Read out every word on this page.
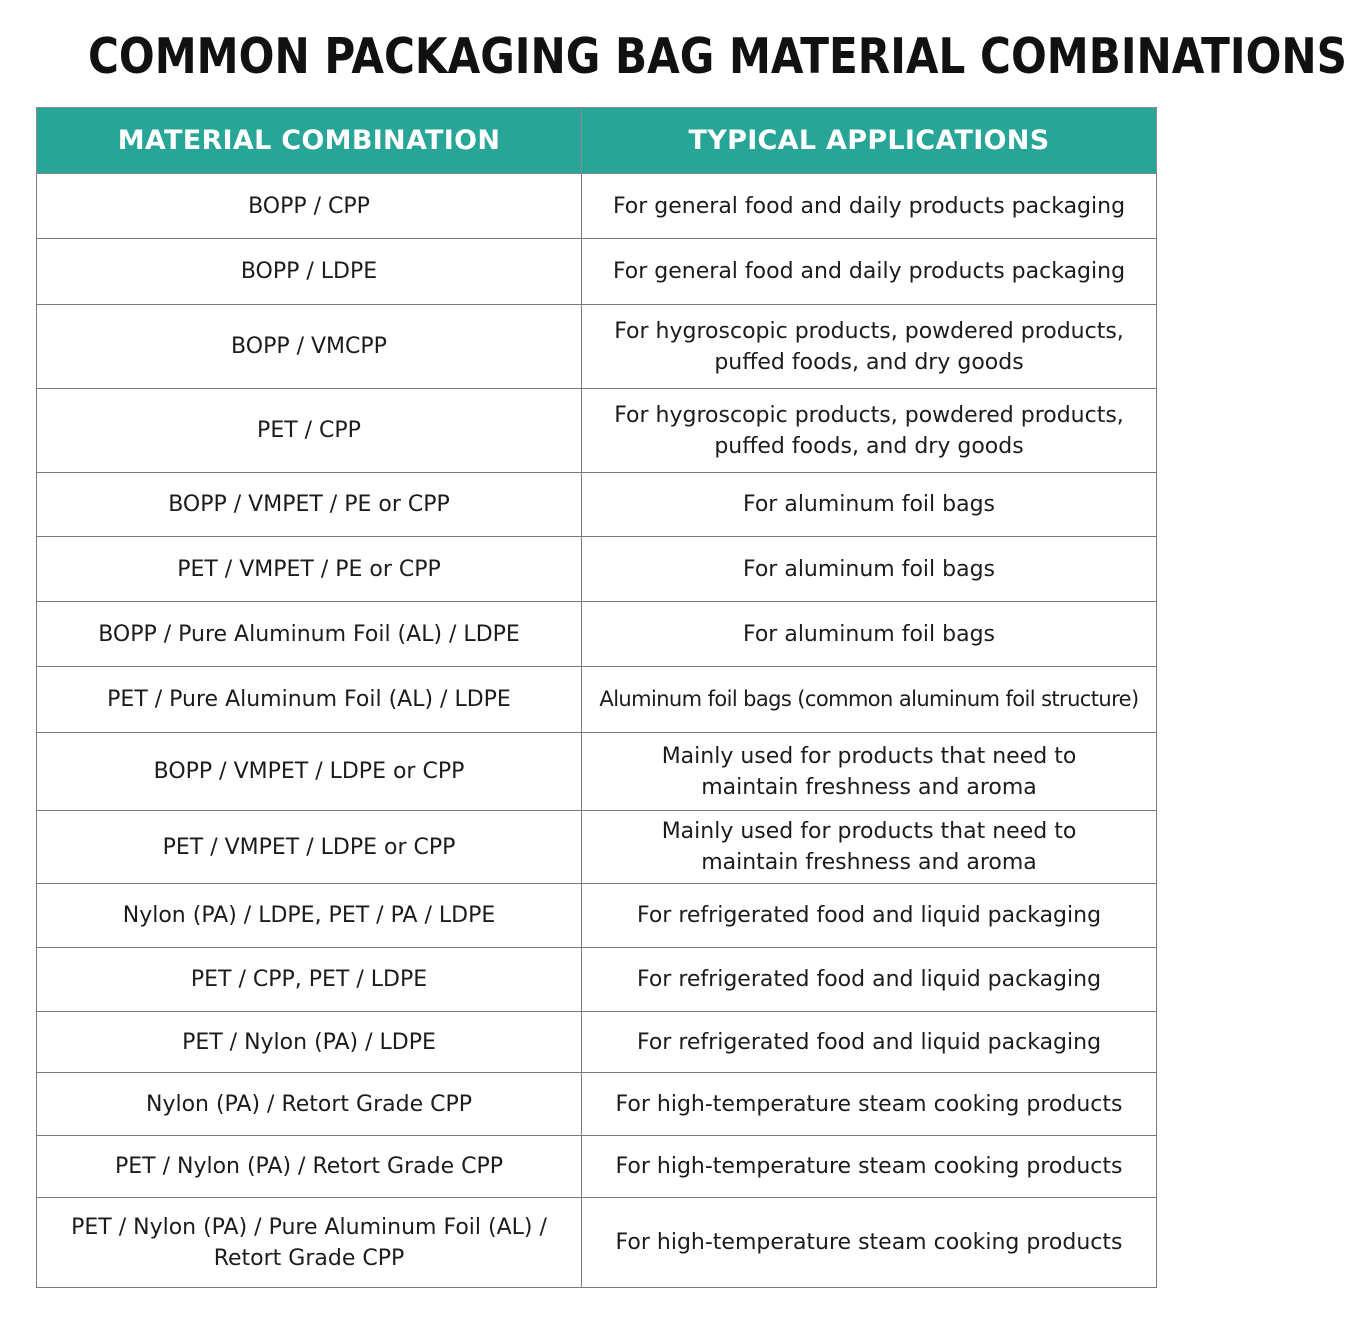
COMMON PACKAGING BAG MATERIAL COMBINATIONS
MATERIAL COMBINATION	TYPICAL APPLICATIONS

BOPP / CPP	For general food and daily products packaging

BOPP / LDPE	For general food and daily products packaging

BOPP / VMCPP	For hygroscopic products, powdered products,
puffed foods, and dry goods

PET / CPP	For hygroscopic products, powdered products,
puffed foods, and dry goods

BOPP / VMPET / PE or CPP	For aluminum foil bags

PET / VMPET / PE or CPP	For aluminum foil bags

BOPP / Pure Aluminum Foil (AL) / LDPE	For aluminum foil bags

PET / Pure Aluminum Foil (AL) / LDPE	Aluminum foil bags (common aluminum foil structure)

BOPP / VMPET / LDPE or CPP	Mainly used for products that need to
maintain freshness and aroma

PET / VMPET / LDPE or CPP	Mainly used for products that need to
maintain freshness and aroma

Nylon (PA) / LDPE, PET / PA / LDPE	For refrigerated food and liquid packaging

PET / CPP, PET / LDPE	For refrigerated food and liquid packaging

PET / Nylon (PA) / LDPE	For refrigerated food and liquid packaging

Nylon (PA) / Retort Grade CPP	For high-temperature steam cooking products

PET / Nylon (PA) / Retort Grade CPP	For high-temperature steam cooking products

PET / Nylon (PA) / Pure Aluminum Foil (AL) /
Retort Grade CPP	For high-temperature steam cooking products
